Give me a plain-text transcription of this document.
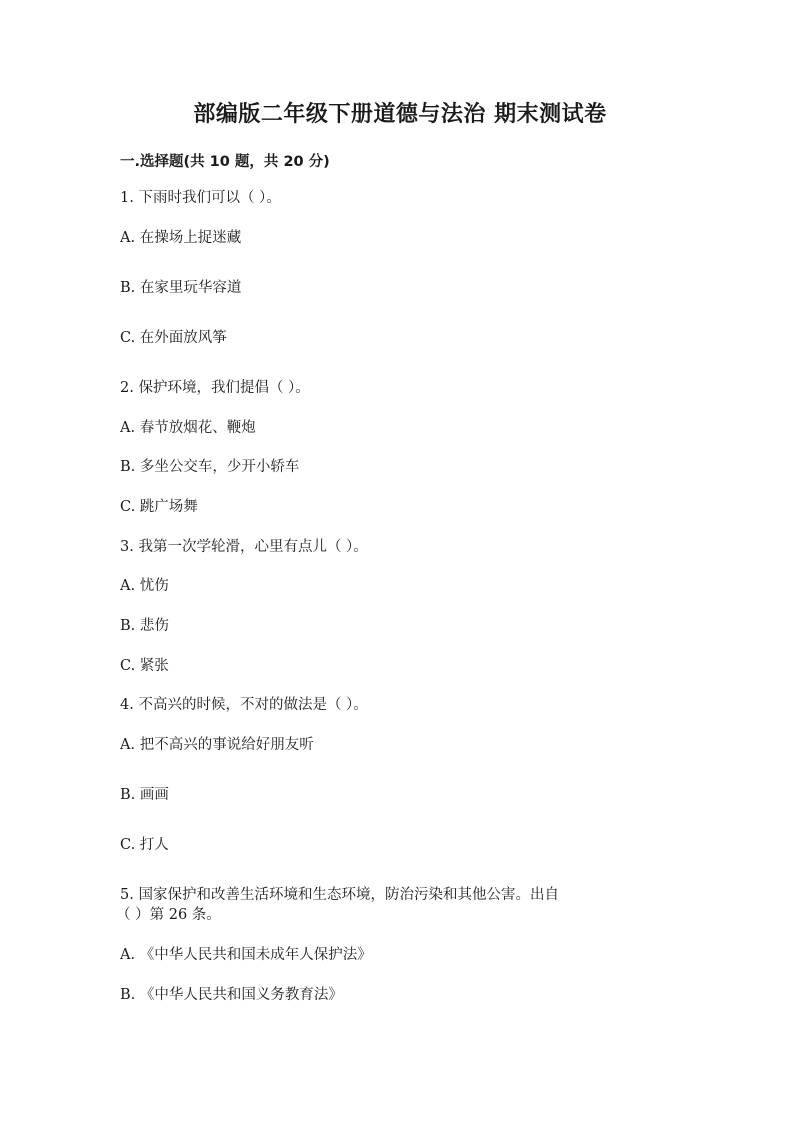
部编版二年级下册道德与法治 期末测试卷
一.选择题(共 10 题，共 20 分)
1. 下雨时我们可以（ ）。
A. 在操场上捉迷藏
B. 在家里玩华容道
C. 在外面放风筝
2. 保护环境，我们提倡（ ）。
A. 春节放烟花、鞭炮
B. 多坐公交车，少开小轿车
C. 跳广场舞
3. 我第一次学轮滑，心里有点儿（ ）。
A. 忧伤
B. 悲伤
C. 紧张
4. 不高兴的时候，不对的做法是（ ）。
A. 把不高兴的事说给好朋友听
B. 画画
C. 打人
5. 国家保护和改善生活环境和生态环境，防治污染和其他公害。出自
（ ）第 26 条。
A. 《中华人民共和国未成年人保护法》
B. 《中华人民共和国义务教育法》
